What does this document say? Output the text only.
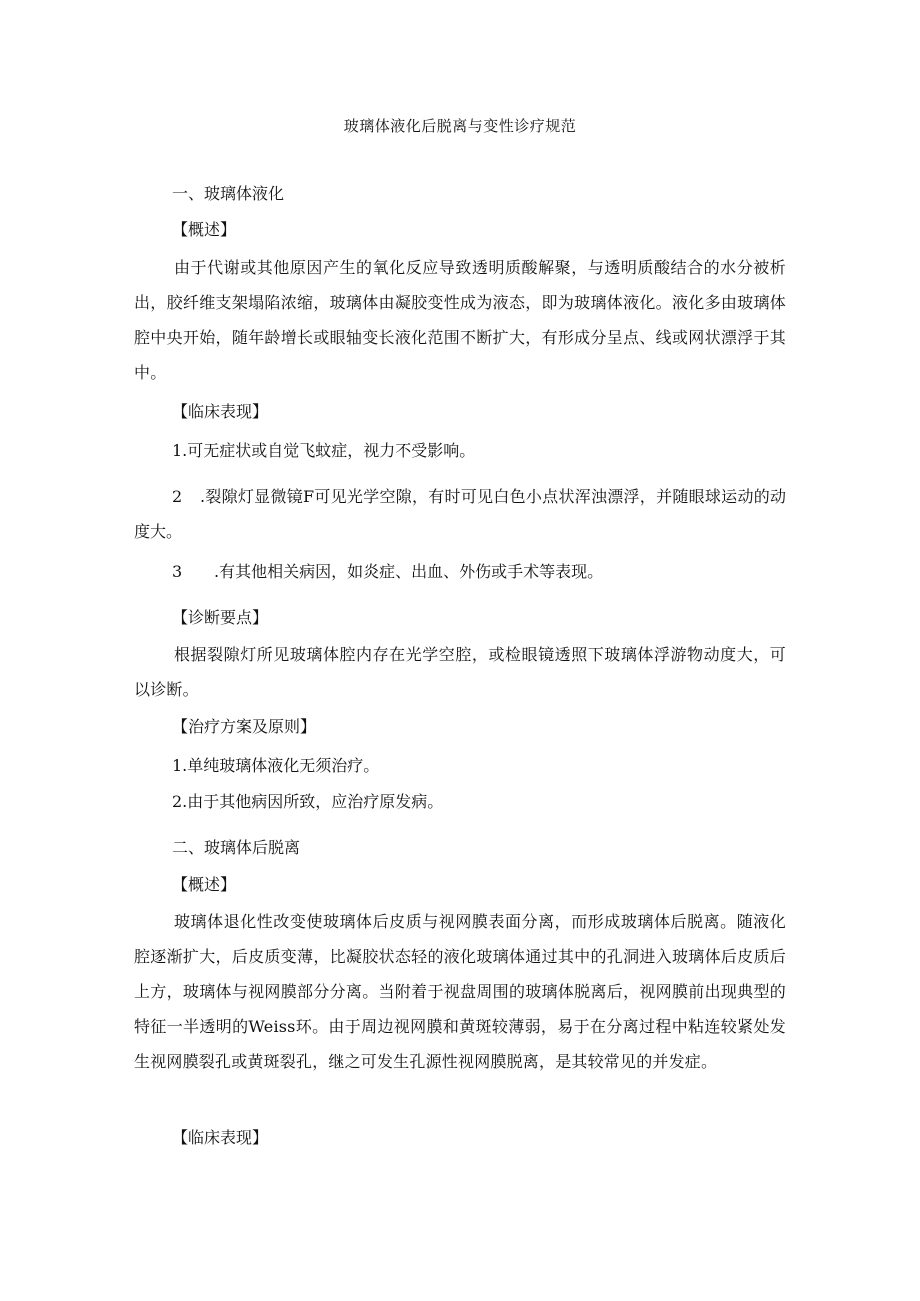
玻璃体液化后脱离与变性诊疗规范
一、玻璃体液化
【概述】
由于代谢或其他原因产生的氧化反应导致透明质酸解聚，与透明质酸结合的水分被析出，胶纤维支架塌陷浓缩，玻璃体由凝胶变性成为液态，即为玻璃体液化。液化多由玻璃体腔中央开始，随年龄增长或眼轴变长液化范围不断扩大，有形成分呈点、线或网状漂浮于其中。
【临床表现】
1.可无症状或自觉飞蚊症，视力不受影响。
2 .裂隙灯显微镜F可见光学空隙，有时可见白色小点状浑浊漂浮，并随眼球运动的动度大。
3 .有其他相关病因，如炎症、出血、外伤或手术等表现。
【诊断要点】
根据裂隙灯所见玻璃体腔内存在光学空腔，或检眼镜透照下玻璃体浮游物动度大，可以诊断。
【治疗方案及原则】
1.单纯玻璃体液化无须治疗。
2.由于其他病因所致，应治疗原发病。
二、玻璃体后脱离
【概述】
玻璃体退化性改变使玻璃体后皮质与视网膜表面分离，而形成玻璃体后脱离。随液化腔逐渐扩大，后皮质变薄，比凝胶状态轻的液化玻璃体通过其中的孔洞进入玻璃体后皮质后上方，玻璃体与视网膜部分分离。当附着于视盘周围的玻璃体脱离后，视网膜前出现典型的特征一半透明的Weiss环。由于周边视网膜和黄斑较薄弱，易于在分离过程中粘连较紧处发生视网膜裂孔或黄斑裂孔，继之可发生孔源性视网膜脱离，是其较常见的并发症。
【临床表现】
